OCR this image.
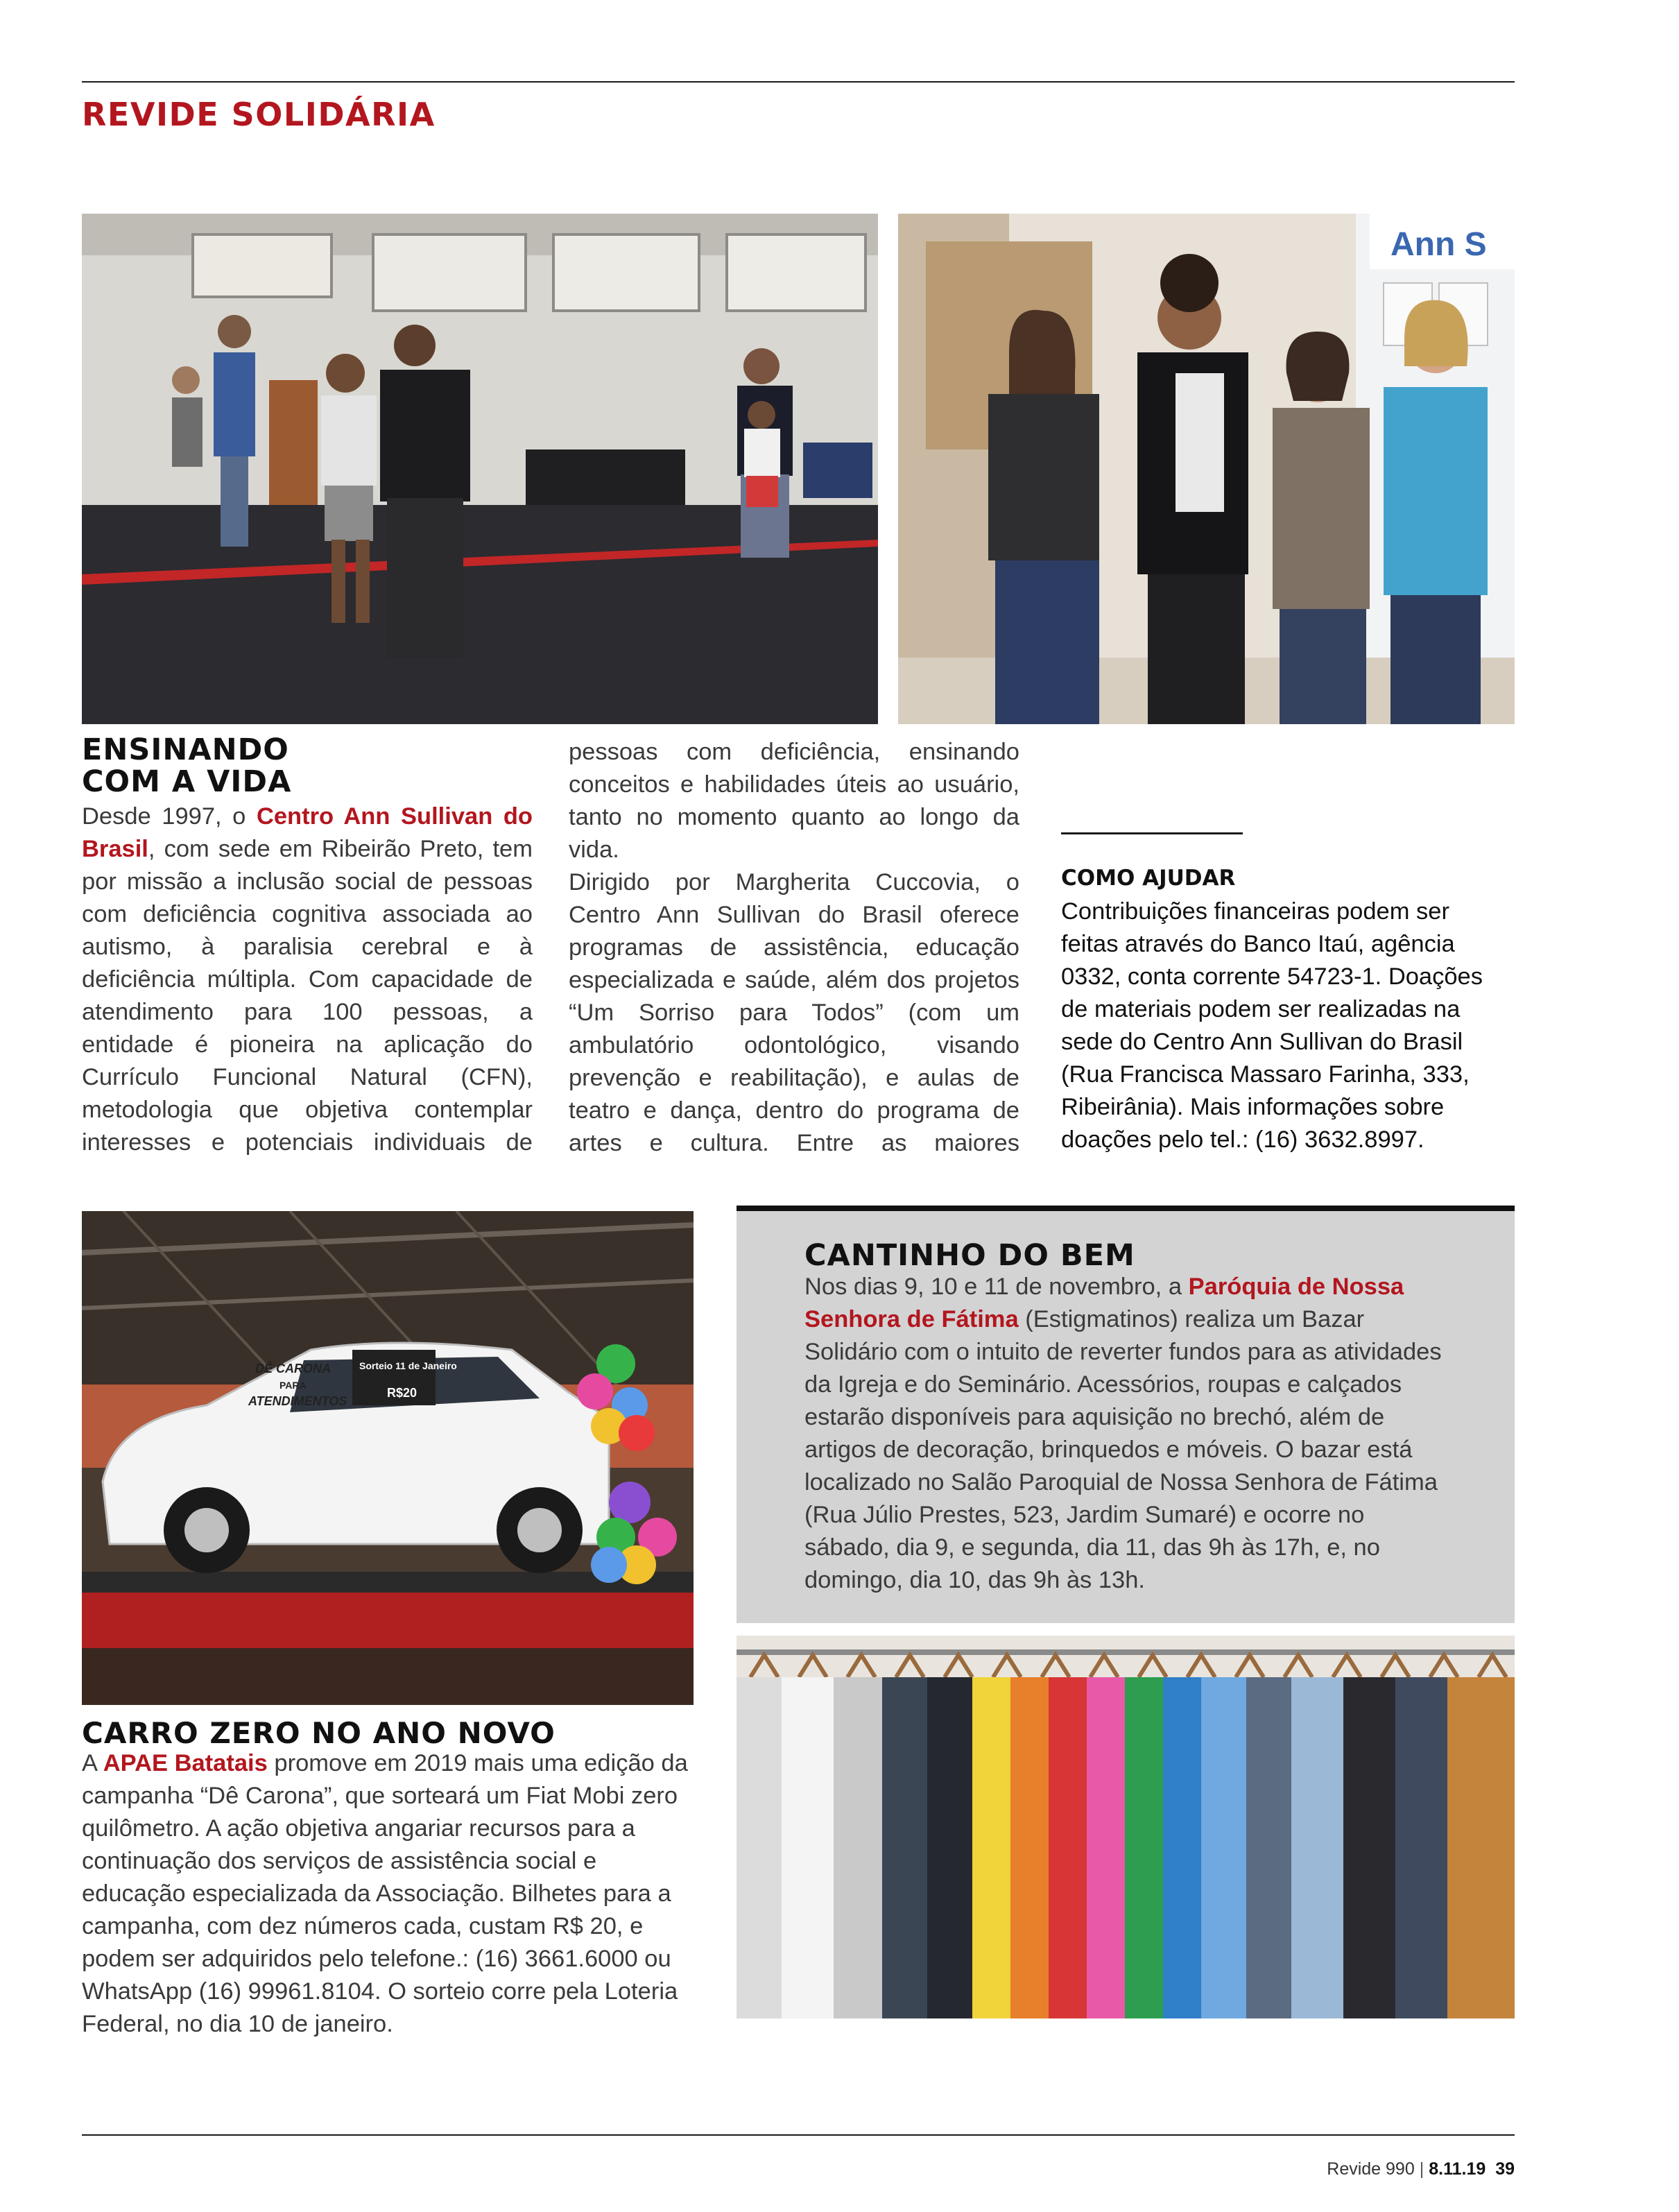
REVIDE SOLIDÁRIA
Ann S
ENSINANDO
COM A VIDA

Desde 1997, o Centro Ann Sullivan do Brasil, com sede em Ribeirão Preto, tem por missão a inclusão social de pessoas com deficiência cognitiva associada ao autismo, à paralisia cerebral e à deficiência múltipla. Com capacidade de atendimento para 100 pessoas, a entidade é pioneira na aplicação do Currículo Funcional Natural (CFN), metodologia que objetiva contemplar interesses e potenciais individuais de

pessoas com deficiência, ensinando conceitos e habilidades úteis ao usuário, tanto no momento quanto ao longo da vida.

Dirigido por Margherita Cuccovia, o Centro Ann Sullivan do Brasil oferece programas de assistência, educação especializada e saúde, além dos projetos “Um Sorriso para Todos” (com um ambulatório odontológico, visando prevenção e reabilitação), e aulas de teatro e dança, dentro do programa de artes e cultura. Entre as maiores

COMO AJUDAR

Contribuições financeiras podem ser feitas através do Banco Itaú, agência 0332, conta corrente 54723-1. Doações de materiais podem ser realizadas na sede do Centro Ann Sullivan do Brasil (Rua Francisca Massaro Farinha, 333, Ribeirânia). Mais informações sobre doações pelo tel.: (16) 3632.8997.

Sorteio 11 de Janeiro
R$20
DÊ CARONA
PARA
ATENDIMENTOS
CARRO ZERO NO ANO NOVO

A APAE Batatais promove em 2019 mais uma edição da campanha “Dê Carona”, que sorteará um Fiat Mobi zero quilômetro. A ação objetiva angariar recursos para a continuação dos serviços de assistência social e educação especializada da Associação. Bilhetes para a campanha, com dez números cada, custam R$ 20, e podem ser adquiridos pelo telefone.: (16) 3661.6000 ou WhatsApp (16) 99961.8104. O sorteio corre pela Loteria Federal, no dia 10 de janeiro.

CANTINHO DO BEM

Nos dias 9, 10 e 11 de novembro, a Paróquia de Nossa Senhora de Fátima (Estigmatinos) realiza um Bazar Solidário com o intuito de reverter fundos para as atividades da Igreja e do Seminário. Acessórios, roupas e calçados estarão disponíveis para aquisição no brechó, além de artigos de decoração, brinquedos e móveis. O bazar está localizado no Salão Paroquial de Nossa Senhora de Fátima (Rua Júlio Prestes, 523, Jardim Sumaré) e ocorre no sábado, dia 9, e segunda, dia 11, das 9h às 17h, e, no domingo, dia 10, das 9h às 13h.

Revide 990 | 8.11.19 39
